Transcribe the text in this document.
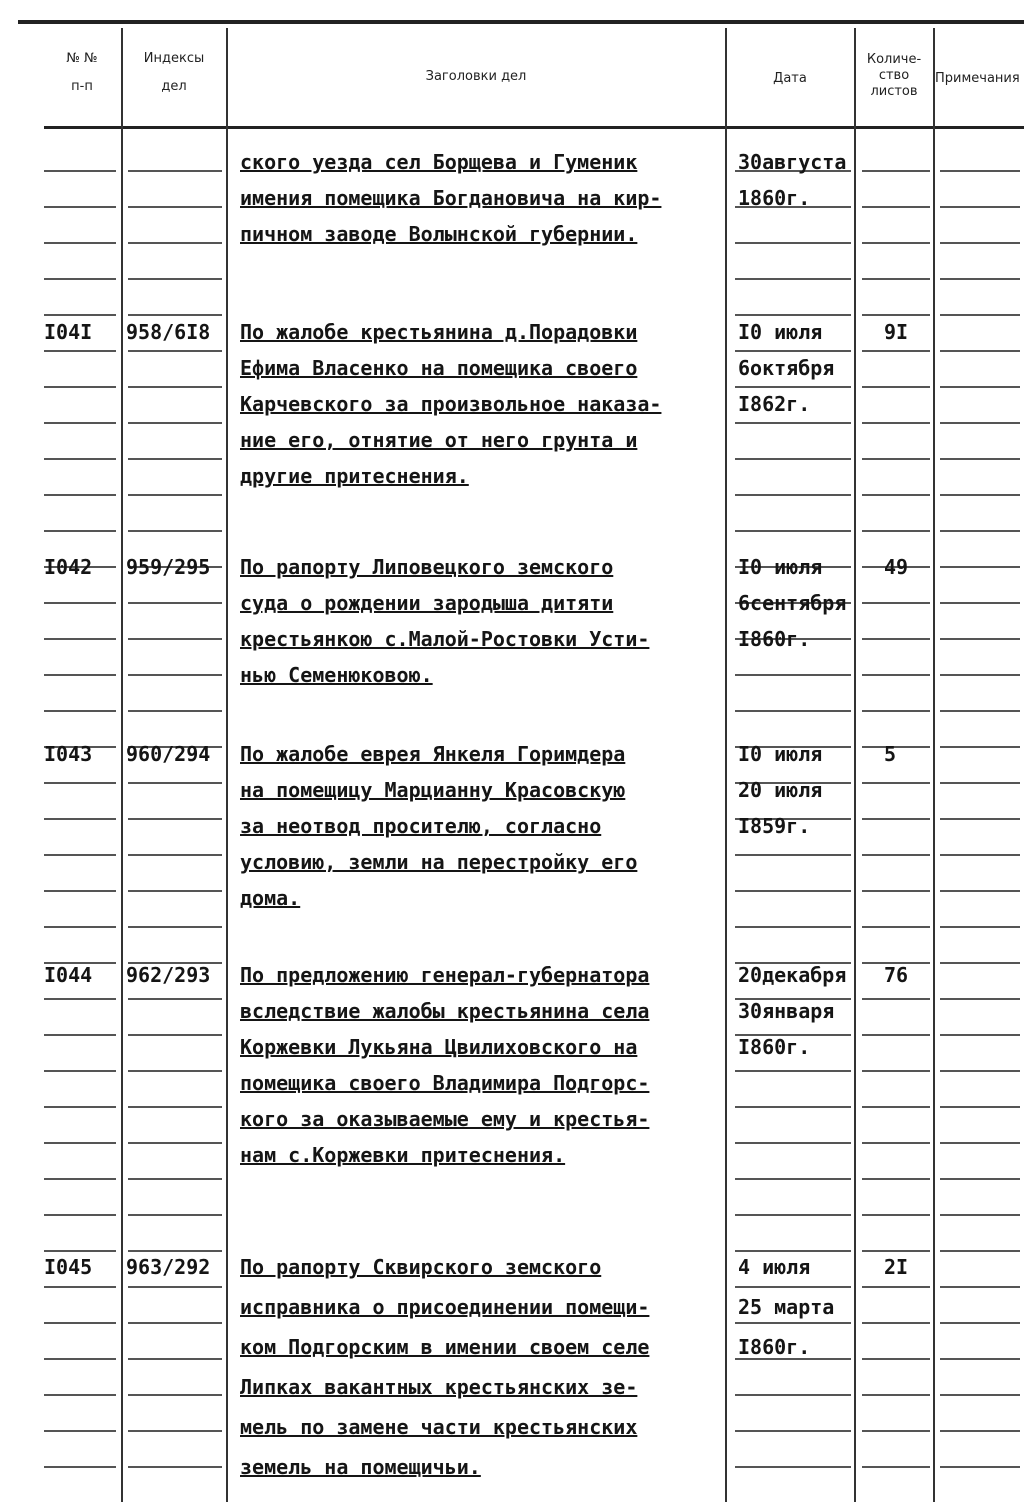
№ №
п-п
Индексы
дел
Заголовки дел	Дата
Количе-
ство
листов
Примечания
ского уезда сел Борщева и Гуменик
имения помещика Богдановича на кир-
пичном заводе Волынской губернии.
30августа
1860г.
I04I 958/6I8 По жалобе крестьянина д.Порадовки
Ефима Власенко на помещика своего
Карчевского за произвольное наказа-
ние его, отнятие от него грунта и
другие притеснения.
I0 июля
6октября
I862г.
9I
I042 959/295 По рапорту Липовецкого земского
суда о рождении зародыша дитяти
крестьянкою с.Малой-Ростовки Усти-
нью Семенюковою.
I0 июля
6сентября
I860г.
49
I043 960/294 По жалобе еврея Янкеля Горимдера
на помещицу Марцианну Красовскую
за неотвод просителю, согласно
условию, земли на перестройку его
дома.
I0 июля
20 июля
I859г.
5
I044 962/293 По предложению генерал-губернатора
вследствие жалобы крестьянина села
Коржевки Лукьяна Цвилиховского на
помещика своего Владимира Подгорс-
кого за оказываемые ему и крестья-
нам с.Коржевки притеснения.
20декабря
30января
I860г.
76
I045 963/292 По рапорту Сквирского земского
исправника о присоединении помещи-
ком Подгорским в имении своем селе
Липках вакантных крестьянских зе-
мель по замене части крестьянских
земель на помещичьи.
4 июля
25 марта
I860г.
2I
